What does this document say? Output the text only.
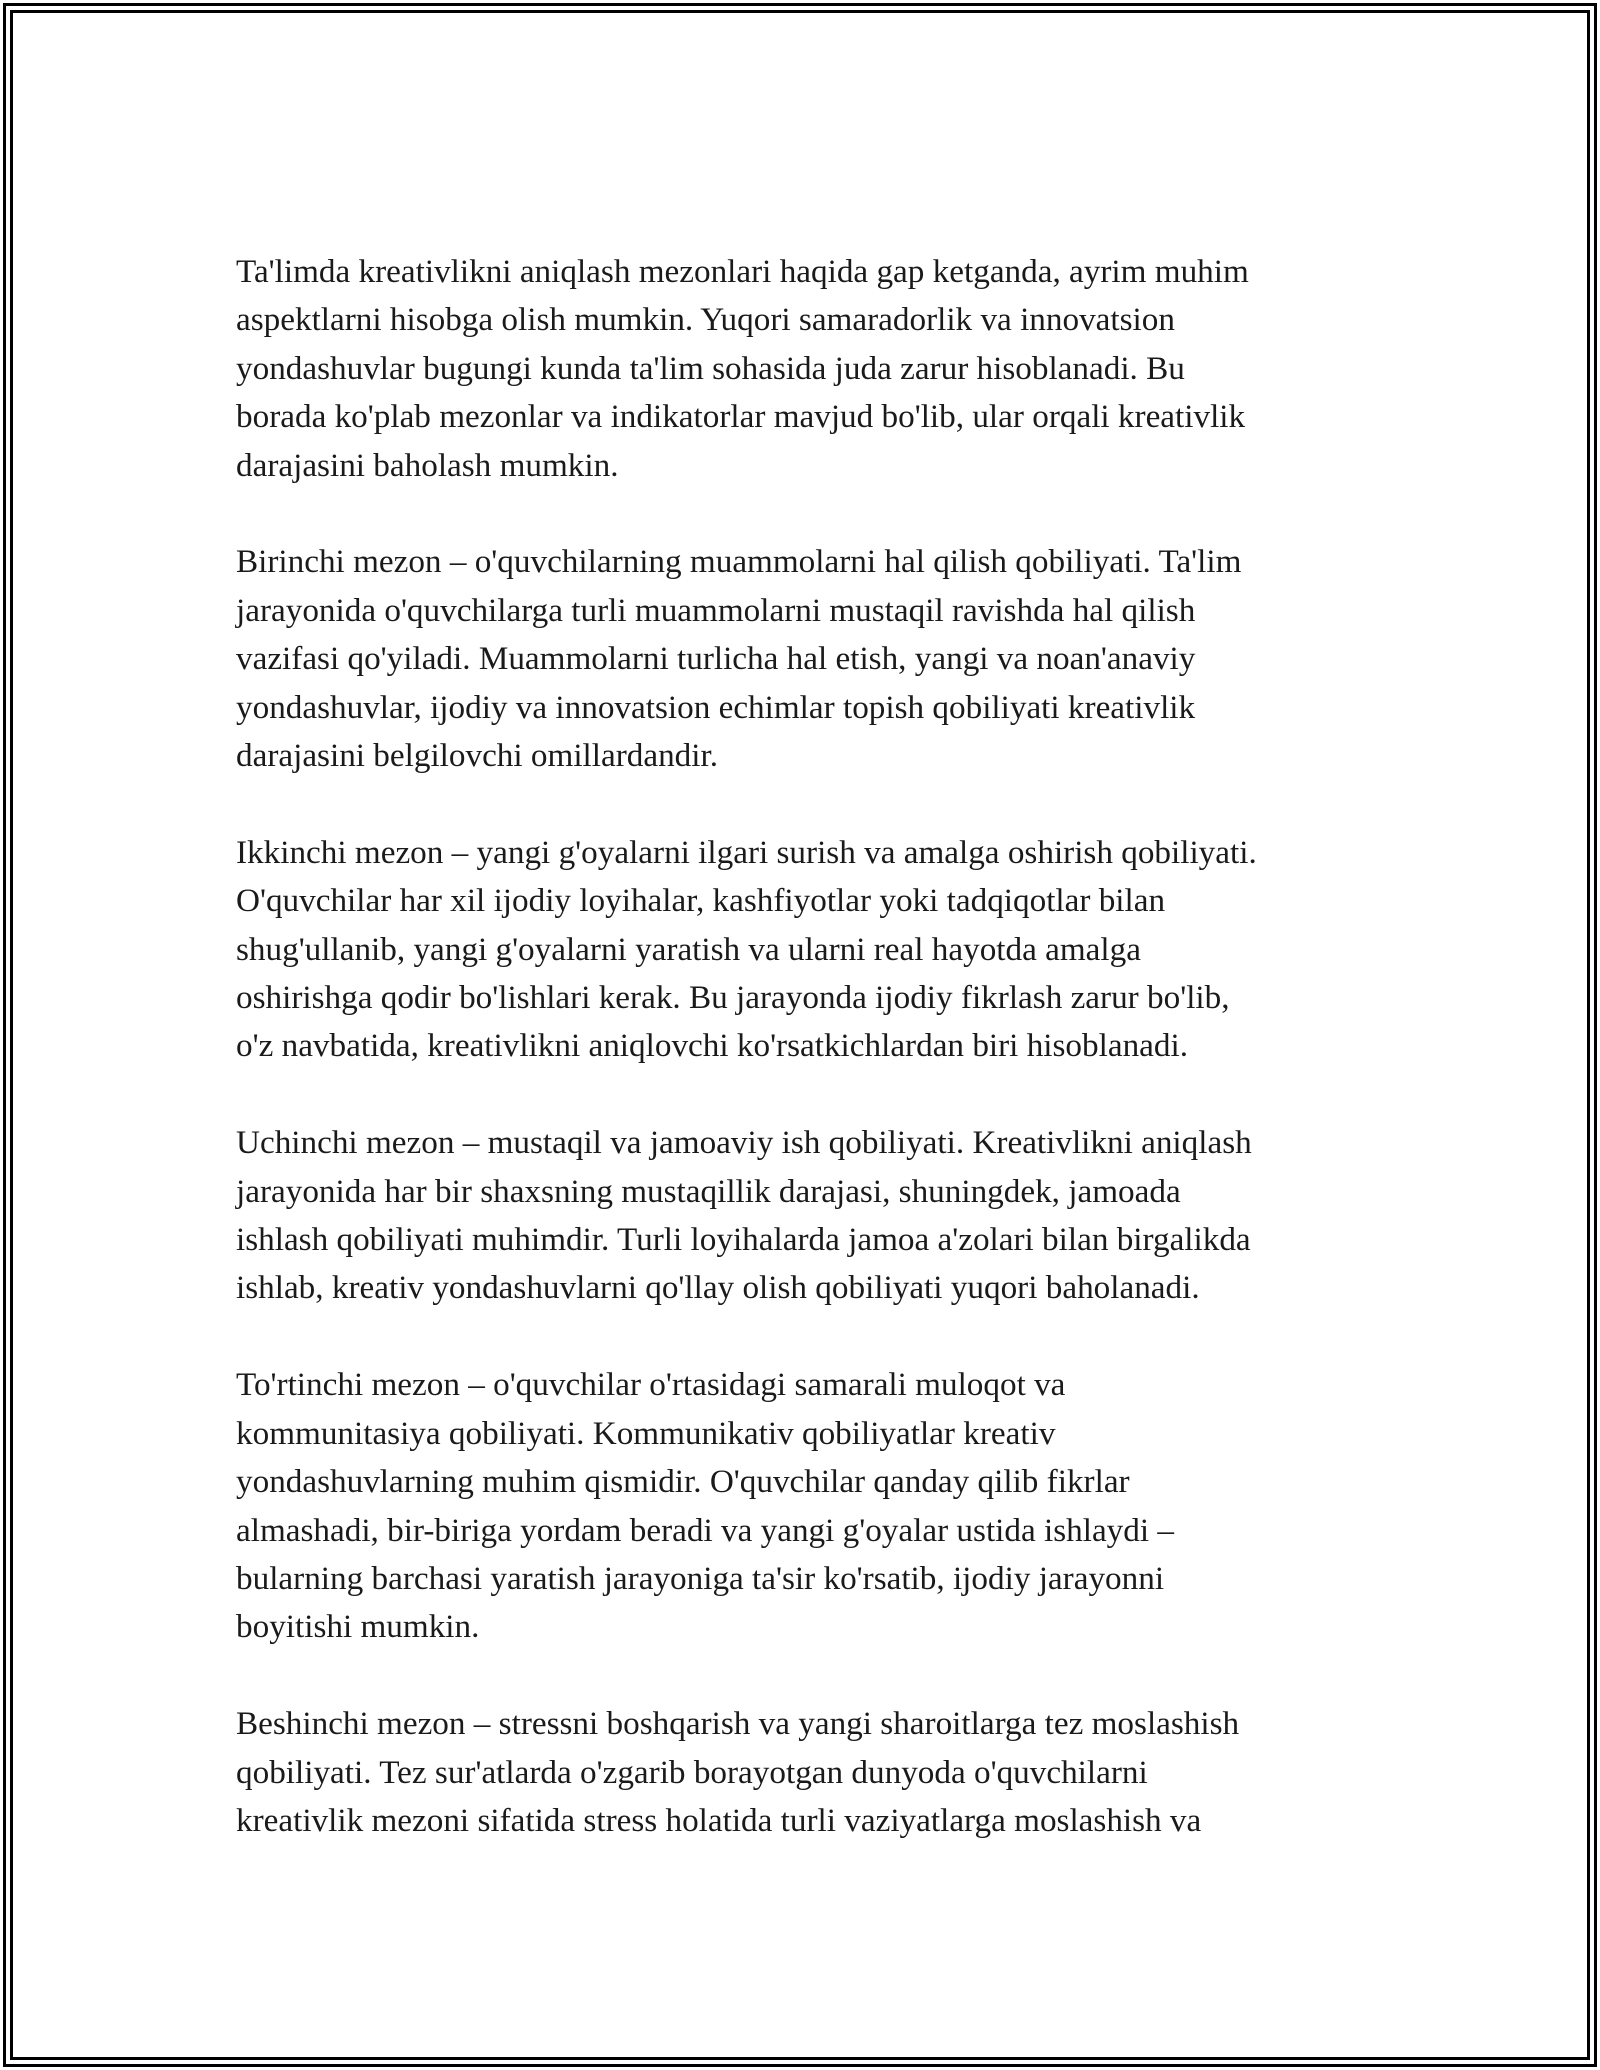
Ta'limda kreativlikni aniqlash mezonlari haqida gap ketganda, ayrim muhim
aspektlarni hisobga olish mumkin. Yuqori samaradorlik va innovatsion
yondashuvlar bugungi kunda ta'lim sohasida juda zarur hisoblanadi. Bu
borada ko'plab mezonlar va indikatorlar mavjud bo'lib, ular orqali kreativlik
darajasini baholash mumkin.

Birinchi mezon – o'quvchilarning muammolarni hal qilish qobiliyati. Ta'lim
jarayonida o'quvchilarga turli muammolarni mustaqil ravishda hal qilish
vazifasi qo'yiladi. Muammolarni turlicha hal etish, yangi va noan'anaviy
yondashuvlar, ijodiy va innovatsion echimlar topish qobiliyati kreativlik
darajasini belgilovchi omillardandir.

Ikkinchi mezon – yangi g'oyalarni ilgari surish va amalga oshirish qobiliyati.
O'quvchilar har xil ijodiy loyihalar, kashfiyotlar yoki tadqiqotlar bilan
shug'ullanib, yangi g'oyalarni yaratish va ularni real hayotda amalga
oshirishga qodir bo'lishlari kerak. Bu jarayonda ijodiy fikrlash zarur bo'lib,
o'z navbatida, kreativlikni aniqlovchi ko'rsatkichlardan biri hisoblanadi.

Uchinchi mezon – mustaqil va jamoaviy ish qobiliyati. Kreativlikni aniqlash
jarayonida har bir shaxsning mustaqillik darajasi, shuningdek, jamoada
ishlash qobiliyati muhimdir. Turli loyihalarda jamoa a'zolari bilan birgalikda
ishlab, kreativ yondashuvlarni qo'llay olish qobiliyati yuqori baholanadi.

To'rtinchi mezon – o'quvchilar o'rtasidagi samarali muloqot va
kommunitasiya qobiliyati. Kommunikativ qobiliyatlar kreativ
yondashuvlarning muhim qismidir. O'quvchilar qanday qilib fikrlar
almashadi, bir-biriga yordam beradi va yangi g'oyalar ustida ishlaydi –
bularning barchasi yaratish jarayoniga ta'sir ko'rsatib, ijodiy jarayonni
boyitishi mumkin.

Beshinchi mezon – stressni boshqarish va yangi sharoitlarga tez moslashish
qobiliyati. Tez sur'atlarda o'zgarib borayotgan dunyoda o'quvchilarni
kreativlik mezoni sifatida stress holatida turli vaziyatlarga moslashish va
